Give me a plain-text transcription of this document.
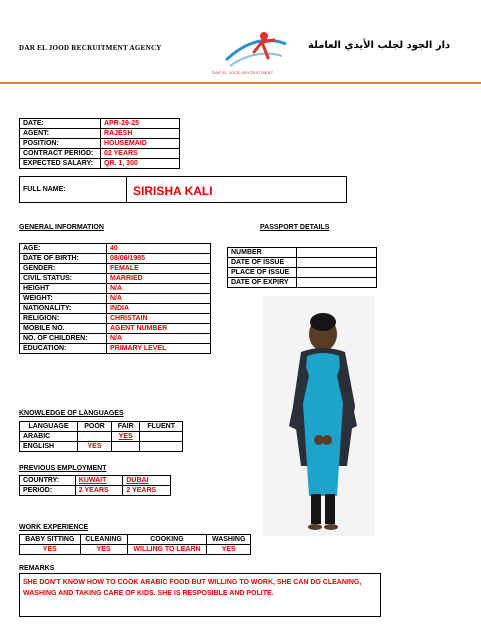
DAR EL JOOD RECRUITMENT AGENCY
DAR EL JOOD RECRUITMENT
دار الجود لجلب الأيدي العاملة
DATE:	APR-29-25
AGENT:	RAJESH
POSITION:	HOUSEMAID
CONTRACT PERIOD:	02 YEARS
EXPECTED SALARY:	QR. 1, 300
FULL NAME:	SIRISHA KALI
GENERAL INFORMATION
AGE:	40
DATE OF BIRTH:	08/06/1985
GENDER:	FEMALE
CIVIL STATUS:	MARRIED
HEIGHT	N/A
WEIGHT:	N/A
NATIONALITY:	INDIA
RELIGION:	CHRISTAIN
MOBILE NO.	AGENT NUMBER
NO. OF CHILDREN:	N/A
EDUCATION:	PRIMARY LEVEL
PASSPORT DETAILS
NUMBER	
DATE OF ISSUE	
PLACE OF ISSUE	
DATE OF EXPIRY	
KNOWLEDGE OF LANGUAGES
LANGUAGE	POOR	FAIR	FLUENT
ARABIC		YES	
ENGLISH	YES		
PREVIOUS EMPLOYMENT
COUNTRY:	KUWAIT	DUBAI
PERIOD:	2 YEARS	2 YEARS
WORK EXPERIENCE
BABY SITTING	CLEANING	COOKING	WASHING
YES	YES	WILLING TO LEARN	YES
REMARKS
SHE DON'T KNOW HOW TO COOK ARABIC FOOD BUT WILLING TO WORK, SHE CAN DO CLEANING, WASHING AND TAKING CARE OF KIDS. SHE IS RESPOSIBLE AND POLITE.
